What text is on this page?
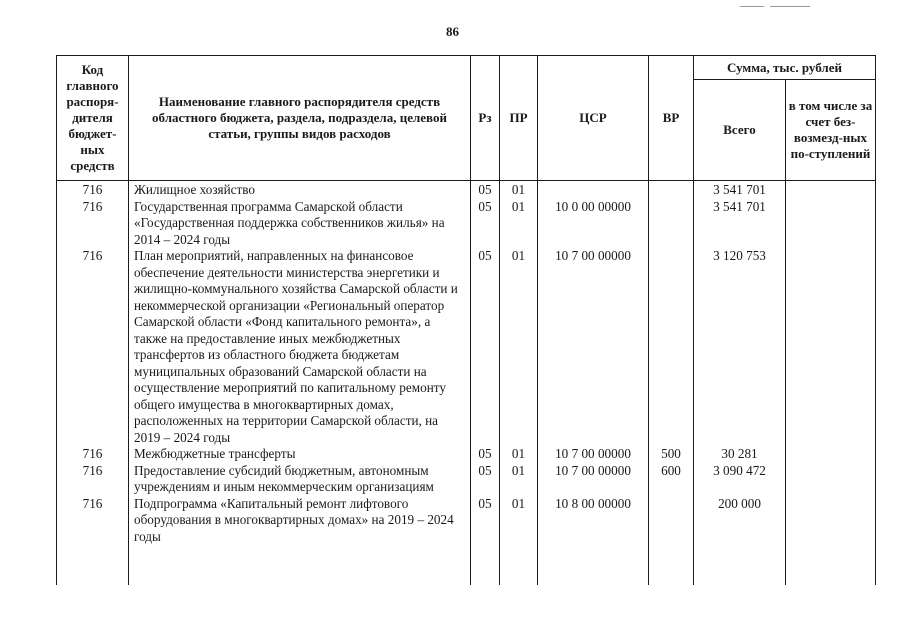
86
Код главного распоря-дителя бюджет-ных средств	Наименование главного распорядителя средств областного бюджета, раздела, подраздела, целевой статьи, группы видов расходов	Рз	ПР	ЦСР	ВР	Сумма, тыс. рублей	
						Всего	в том числе за счет без-возмезд-ных по-ступлений
716	Жилищное хозяйство	05	01			3 541 701	
716	Государственная программа Самарской области «Государственная поддержка собственников жилья» на 2014 – 2024 годы	05	01	10 0 00 00000		3 541 701	
716	План мероприятий, направленных на финансовое обеспечение деятельности министерства энергетики и жилищно-коммунального хозяйства Самарской области и некоммерческой организации «Региональный оператор Самарской области «Фонд капитального ремонта», а также на предоставление иных межбюджетных трансфертов из областного бюджета бюджетам муниципальных образований Самарской области на осуществление мероприятий по капитальному ремонту общего имущества в многоквартирных домах, расположенных на территории Самарской области, на 2019 – 2024 годы	05	01	10 7 00 00000		3 120 753	
716	Межбюджетные трансферты	05	01	10 7 00 00000	500	30 281	
716	Предоставление субсидий бюджетным, автономным учреждениям и иным некоммерческим организациям	05	01	10 7 00 00000	600	3 090 472	
716	Подпрограмма «Капитальный ремонт лифтового оборудования в многоквартирных домах» на 2019 – 2024 годы	05	01	10 8 00 00000		200 000	
